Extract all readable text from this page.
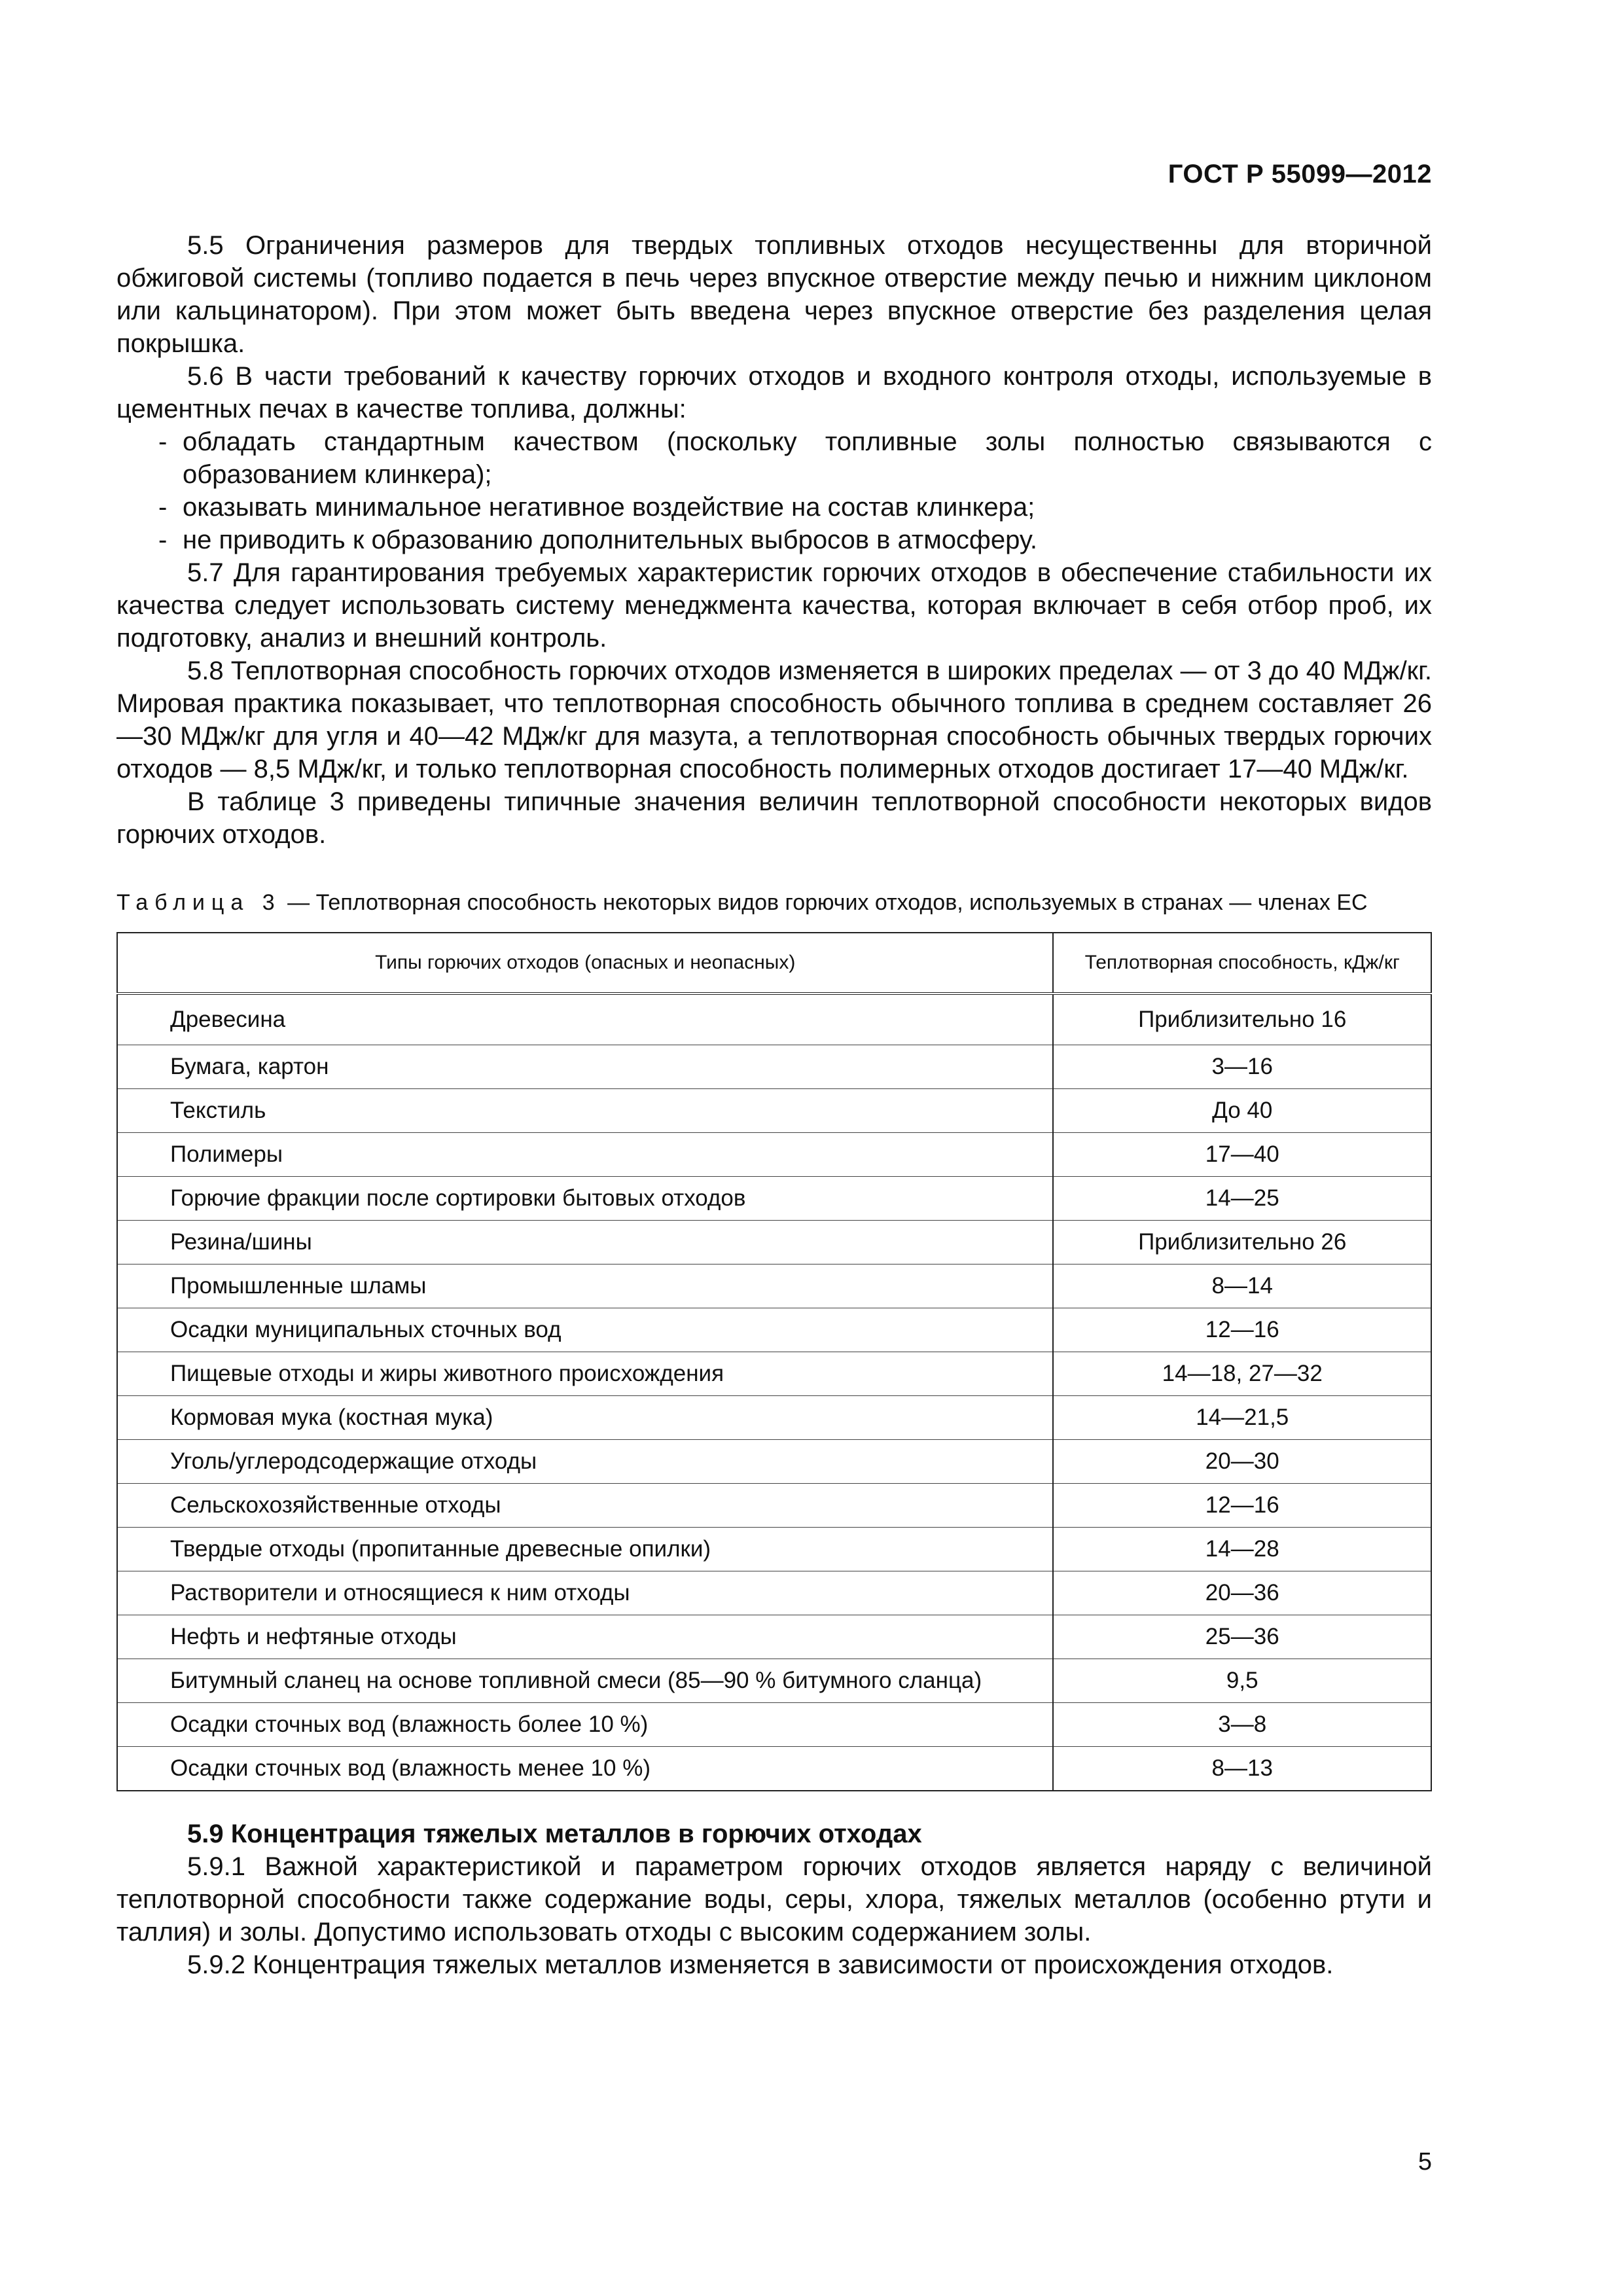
ГОСТ Р 55099—2012

5.5 Ограничения размеров для твердых топливных отходов несущественны для вторичной обжиговой системы (топливо подается в печь через впускное отверстие между печью и нижним циклоном или кальцинатором). При этом может быть введена через впускное отверстие без разделения целая покрышка.

5.6 В части требований к качеству горючих отходов и входного контроля отходы, используемые в цементных печах в качестве топлива, должны:

- обладать стандартным качеством (поскольку топливные золы полностью связываются с образованием клинкера);

- оказывать минимальное негативное воздействие на состав клинкера;

- не приводить к образованию дополнительных выбросов в атмосферу.

5.7 Для гарантирования требуемых характеристик горючих отходов в обеспечение стабильности их качества следует использовать систему менеджмента качества, которая включает в себя отбор проб, их подготовку, анализ и внешний контроль.

5.8 Теплотворная способность горючих отходов изменяется в широких пределах — от 3 до 40 МДж/кг. Мировая практика показывает, что теплотворная способность обычного топлива в среднем составляет 26—30 МДж/кг для угля и 40—42 МДж/кг для мазута, а теплотворная способность обычных твердых горючих отходов — 8,5 МДж/кг, и только теплотворная способность полимерных отходов достигает 17—40 МДж/кг.

В таблице 3 приведены типичные значения величин теплотворной способности некоторых видов горючих отходов.

Таблица 3 — Теплотворная способность некоторых видов горючих отходов, используемых в странах — членах ЕС

Типы горючих отходов (опасных и неопасных)	Теплотворная способность, кДж/кг
Древесина	Приблизительно 16
Бумага, картон	3—16
Текстиль	До 40
Полимеры	17—40
Горючие фракции после сортировки бытовых отходов	14—25
Резина/шины	Приблизительно 26
Промышленные шламы	8—14
Осадки муниципальных сточных вод	12—16
Пищевые отходы и жиры животного происхождения	14—18, 27—32
Кормовая мука (костная мука)	14—21,5
Уголь/углеродсодержащие отходы	20—30
Сельскохозяйственные отходы	12—16
Твердые отходы (пропитанные древесные опилки)	14—28
Растворители и относящиеся к ним отходы	20—36
Нефть и нефтяные отходы	25—36
Битумный сланец на основе топливной смеси (85—90 % битумного сланца)	9,5
Осадки сточных вод (влажность более 10 %)	3—8
Осадки сточных вод (влажность менее 10 %)	8—13

5.9 Концентрация тяжелых металлов в горючих отходах

5.9.1 Важной характеристикой и параметром горючих отходов является наряду с величиной теплотворной способности также содержание воды, серы, хлора, тяжелых металлов (особенно ртути и таллия) и золы. Допустимо использовать отходы с высоким содержанием золы.

5.9.2 Концентрация тяжелых металлов изменяется в зависимости от происхождения отходов.

5
